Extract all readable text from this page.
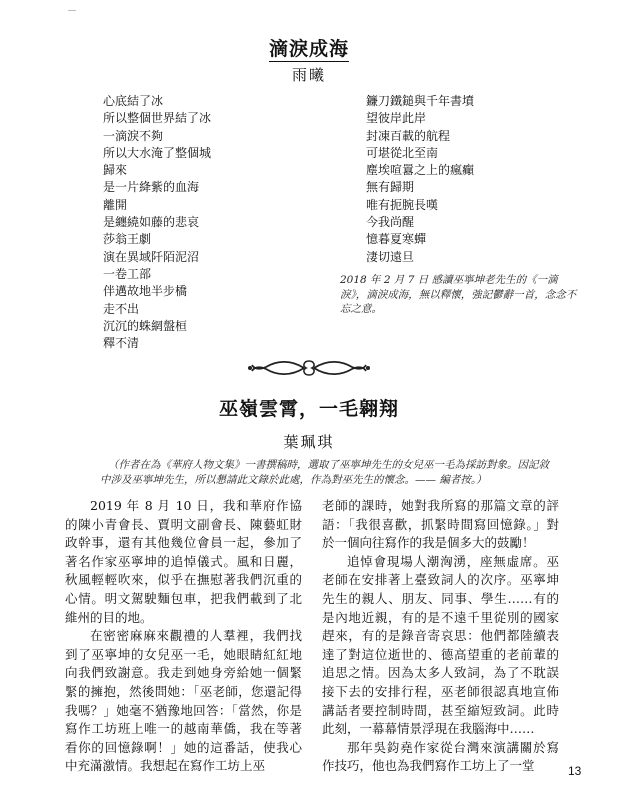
滴淚成海
雨曦
心底結了冰
所以整個世界結了冰
一滴淚不夠
所以大水淹了整個城
歸來
是一片絳紫的血海
離開
是纏繞如藤的悲哀
莎翁王劇
演在異域阡陌泥沼
一卷工部
伴邁故地半步橋
走不出
沉沉的蛛網盤桓
釋不清
鐮刀鐵鎚與千年書墳
望彼岸此岸
封凍百載的航程
可堪從北至南
塵埃喧囂之上的瘋癲
無有歸期
唯有扼腕長嘆
今我尚醒
憶暮夏寒蟬
淒切遠旦
2018 年 2 月 7 日 感讀巫寧坤老先生的《一滴淚》，滴淚成海，無以釋懷，強記鬱辭一首，念念不忘之意。
巫嶺雲霄，一毛翱翔
葉珮琪
（作者在為《華府人物文集》一書撰稿時，選取了巫寧坤先生的女兒巫一毛為採訪對象。因記敘中涉及巫寧坤先生，所以懇請此文錄於此處，作為對巫先生的懷念。—— 編者按。）

2019 年 8 月 10 日，我和華府作協的陳小青會長、賈明文副會長、陳藝虹財政幹事，還有其他幾位會員一起，參加了著名作家巫寧坤的追悼儀式。風和日麗，秋風輕輕吹來，似乎在撫慰著我們沉重的心情。明文駕駛麵包車，把我們載到了北維州的目的地。

在密密麻麻來觀禮的人羣裡，我們找到了巫寧坤的女兒巫一毛，她眼睛紅紅地向我們致謝意。我走到她身旁給她一個緊緊的擁抱，然後問她：「巫老師，您還記得我嗎？」她毫不猶豫地回答：「當然，你是寫作工坊班上唯一的越南華僑，我在等著看你的回憶錄啊！」她的這番話，使我心中充滿激情。我想起在寫作工坊上巫

老師的課時，她對我所寫的那篇文章的評語：「我很喜歡，抓緊時間寫回憶錄。」對於一個向往寫作的我是個多大的鼓勵！

追悼會現場人潮洶湧，座無虛席。巫老師在安排著上臺致詞人的次序。巫寧坤先生的親人、朋友、同事、學生……有的是內地近親，有的是不遠千里從別的國家趕來，有的是錄音寄哀思：他們都陸續表達了對這位逝世的、德高望重的老前輩的追思之情。因為太多人致詞，為了不耽誤接下去的安排行程，巫老師很認真地宣佈講話者要控制時間，甚至縮短致詞。此時此刻，一幕幕情景浮現在我腦海中……

那年吳鈞堯作家從台灣來演講關於寫作技巧，他也為我們寫作工坊上了一堂	13
